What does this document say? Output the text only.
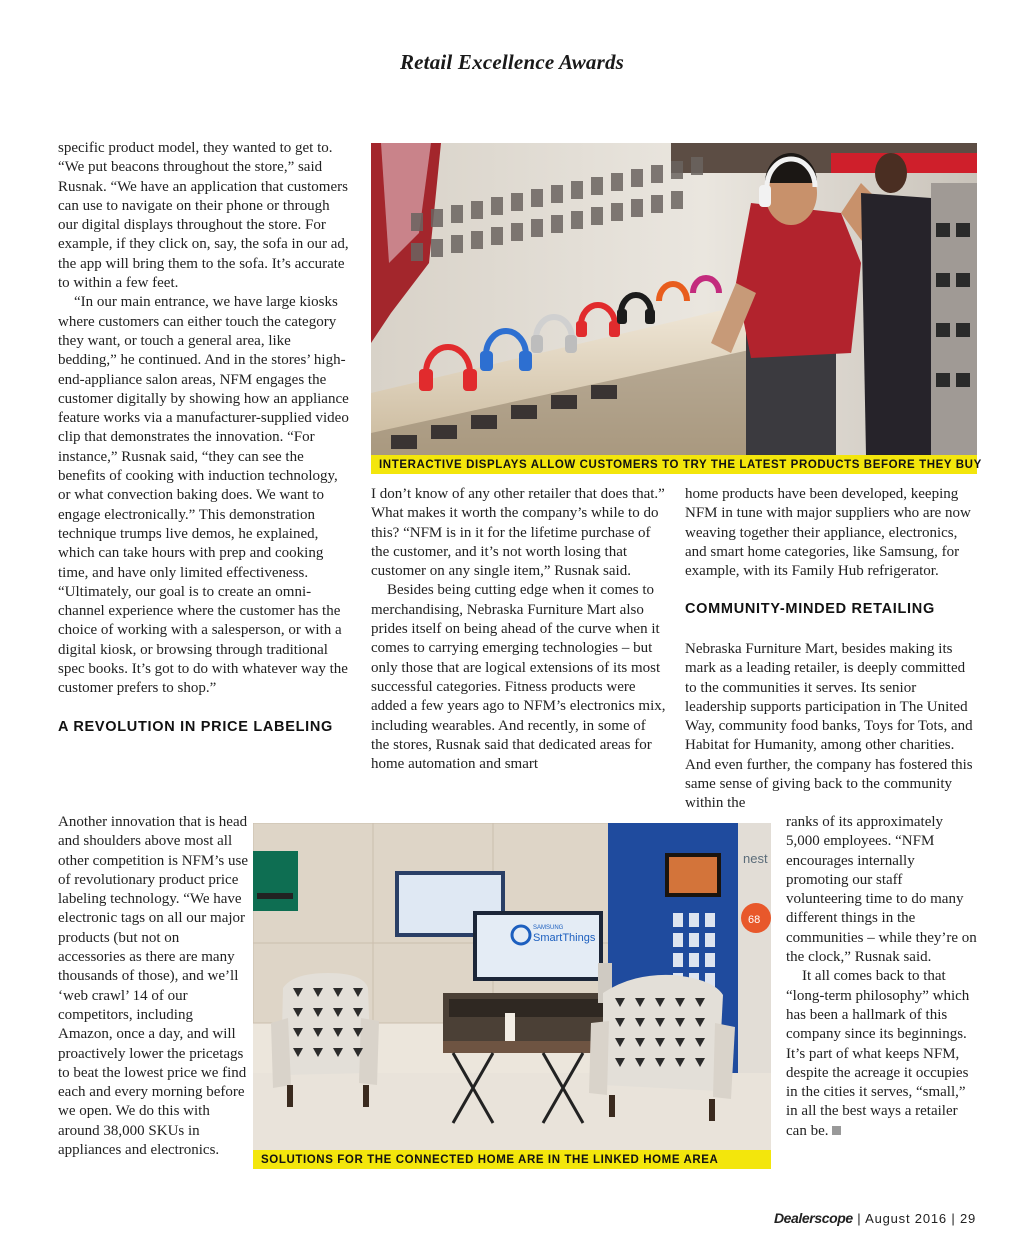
Retail Excellence Awards
INTERACTIVE DISPLAYS ALLOW CUSTOMERS TO TRY THE LATEST PRODUCTS BEFORE THEY BUY
SAMSUNG
SmartThings
nest
68
SOLUTIONS FOR THE CONNECTED HOME ARE IN THE LINKED HOME AREA

specific product model, they wanted to get to. “We put beacons throughout the store,” said Rusnak. “We have an application that customers can use to navigate on their phone or through our digital displays throughout the store. For example, if they click on, say, the sofa in our ad, the app will bring them to the sofa. It’s accurate to within a few feet.

“In our main entrance, we have large kiosks where customers can either touch the category they want, or touch a general area, like bedding,” he continued. And in the stores’ high-end-appliance salon areas, NFM engages the customer digitally by showing how an appliance feature works via a manufacturer-supplied video clip that demonstrates the innovation. “For instance,” Rusnak said, “they can see the benefits of cooking with induction technology, or what convection baking does. We want to engage electronically.” This demonstration technique trumps live demos, he explained, which can take hours with prep and cooking time, and have only limited effectiveness. “Ultimately, our goal is to create an omni-channel experience where the customer has the choice of working with a salesperson, or with a digital kiosk, or browsing through traditional spec books. It’s got to do with whatever way the customer prefers to shop.”

A REVOLUTION IN PRICE LABELING

Another innovation that is head and shoulders above most all other competition is NFM’s use of revolutionary product price labeling technology. “We have electronic tags on all our major products (but not on accessories as there are many thousands of those), and we’ll ‘web crawl’ 14 of our competitors, including Amazon, once a day, and will proactively lower the pricetags to beat the lowest price we find each and every morning before we open. We do this with around 38,000 SKUs in appliances and electronics.

I don’t know of any other retailer that does that.” What makes it worth the company’s while to do this? “NFM is in it for the lifetime purchase of the customer, and it’s not worth losing that customer on any single item,” Rusnak said.

Besides being cutting edge when it comes to merchandising, Nebraska Furniture Mart also prides itself on being ahead of the curve when it comes to carrying emerging technologies – but only those that are logical extensions of its most successful categories. Fitness products were added a few years ago to NFM’s electronics mix, including wearables. And recently, in some of the stores, Rusnak said that dedicated areas for home automation and smart

home products have been developed, keeping NFM in tune with major suppliers who are now weaving together their appliance, electronics, and smart home categories, like Samsung, for example, with its Family Hub refrigerator.

COMMUNITY-MINDED RETAILING

Nebraska Furniture Mart, besides making its mark as a leading retailer, is deeply committed to the communities it serves. Its senior leadership supports participation in The United Way, community food banks, Toys for Tots, and Habitat for Humanity, among other charities. And even further, the company has fostered this same sense of giving back to the community within the

ranks of its approximately 5,000 employees. “NFM encourages internally promoting our staff volunteering time to do many different things in the communities – while they’re on the clock,” Rusnak said.

It all comes back to that “long-term philosophy” which has been a hallmark of this company since its beginnings. It’s part of what keeps NFM, despite the acreage it occupies in the cities it serves, “small,” in all the best ways a retailer can be.

Dealerscope | August 2016 | 29
